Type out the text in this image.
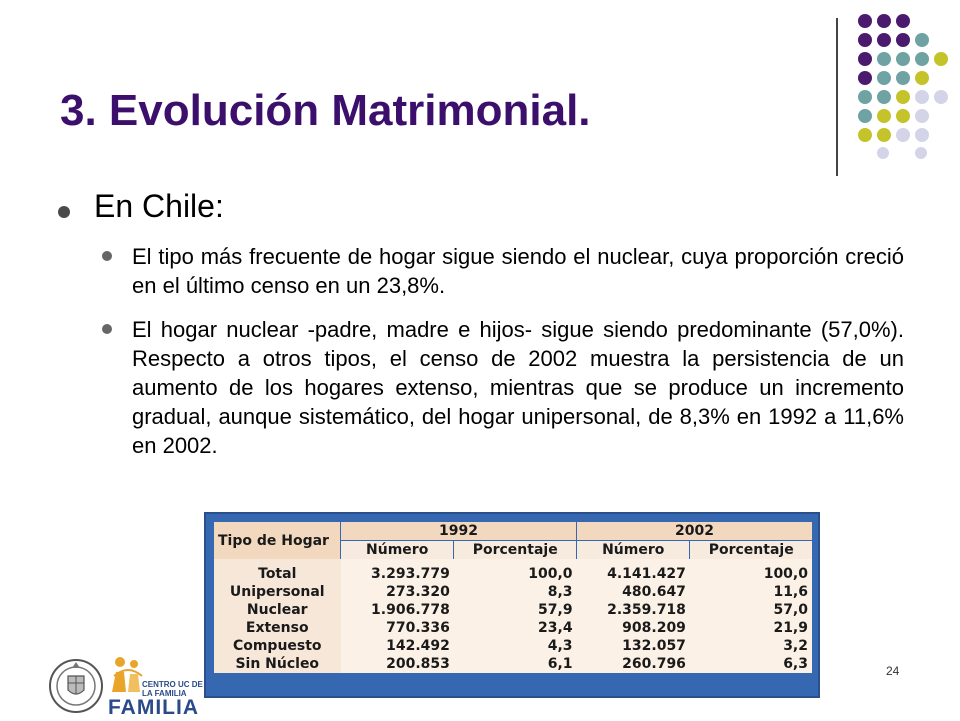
3. Evolución Matrimonial.
En Chile:
El tipo más frecuente de hogar sigue siendo el nuclear, cuya proporción creció en el último censo en un 23,8%.
El hogar nuclear -padre, madre e hijos- sigue siendo predominante (57,0%). Respecto a otros tipos, el censo de 2002 muestra la persistencia de un aumento de los hogares extenso, mientras que se produce un incremento gradual, aunque sistemático, del hogar unipersonal, de 8,3% en 1992 a 11,6% en 2002.
Tipo de Hogar	1992		2002	
	Número	Porcentaje	Número	Porcentaje
Total	3.293.779	100,0	4.141.427	100,0
Unipersonal	273.320	8,3	480.647	11,6
Nuclear	1.906.778	57,9	2.359.718	57,0
Extenso	770.336	23,4	908.209	21,9
Compuesto	142.492	4,3	132.057	3,2
Sin Núcleo	200.853	6,1	260.796	6,3
CENTRO UC DE
LA FAMILIA
FAMILIA
24
